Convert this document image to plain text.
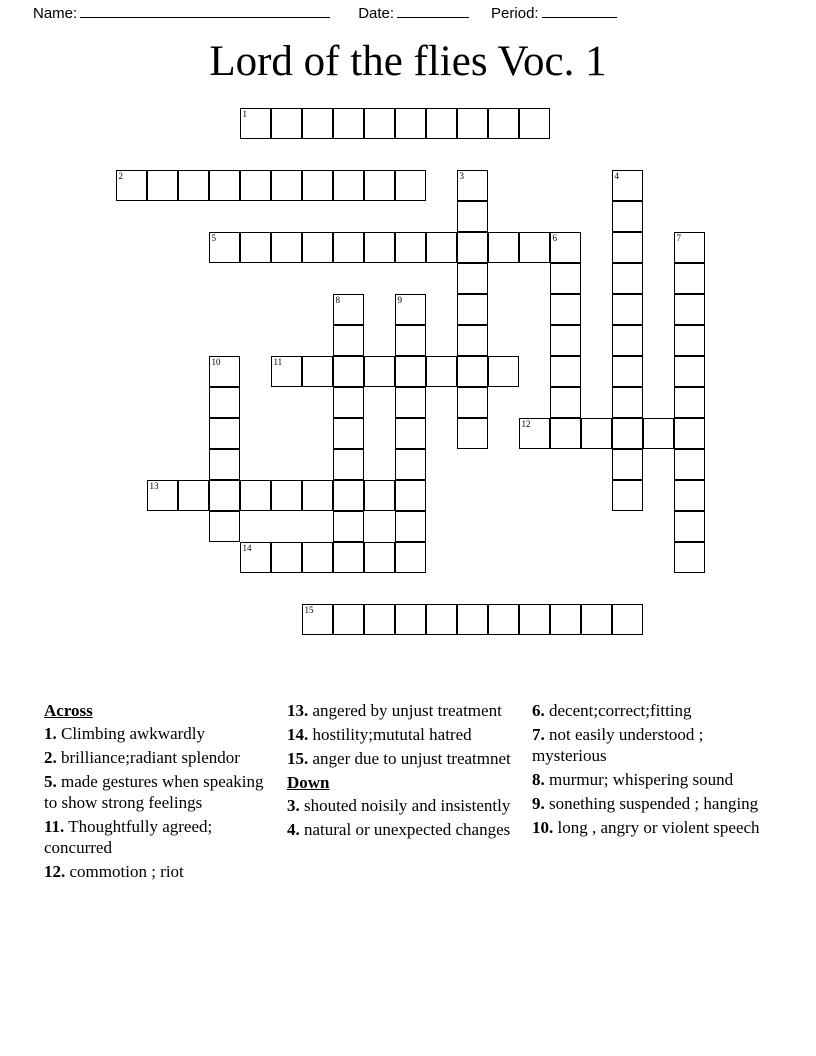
Name:	Date:	Period:
Lord of the flies Voc. 1
1
2	3	4
5	6	7
8	9
10	11
12
13
14
15
Across
1. Climbing awkwardly
2. brilliance;radiant splendor
5. made gestures when speaking to show strong feelings
11. Thoughtfully agreed; concurred
12. commotion ; riot
13. angered by unjust treatment
14. hostility;mututal hatred
15. anger due to unjust treatmnet
Down
3. shouted noisily and insistently
4. natural or unexpected changes
6. decent;correct;fitting
7. not easily understood ; mysterious
8. murmur; whispering sound
9. sonething suspended ; hanging
10. long , angry or violent speech
